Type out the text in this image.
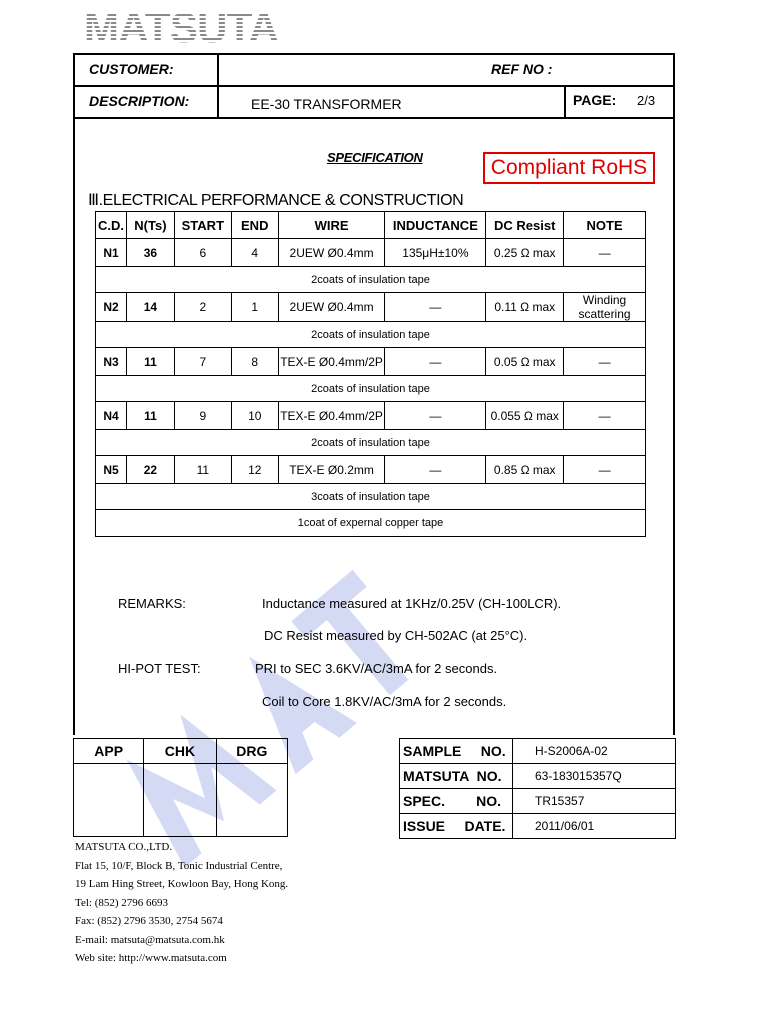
MATSUTA
CUSTOMER:	REF NO :
DESCRIPTION:	EE-30 TRANSFORMER	PAGE: 2/3
SPECIFICATION	Compliant RoHS
Ⅲ.ELECTRICAL PERFORMANCE & CONSTRUCTION
C.D.	N(Ts)	START	END	WIRE	INDUCTANCE	DC Resist	NOTE
N1	36	6	4	2UEW Ø0.4mm	135μH±10%	0.25 Ω max	—
2coats of insulation tape							
N2	14	2	1	2UEW Ø0.4mm	—	0.11 Ω max	Winding scattering
2coats of insulation tape							
N3	11	7	8	TEX-E Ø0.4mm/2P	—	0.05 Ω max	—
2coats of insulation tape							
N4	11	9	10	TEX-E Ø0.4mm/2P	—	0.055 Ω max	—
2coats of insulation tape							
N5	22	11	12	TEX-E Ø0.2mm	—	0.85 Ω max	—
3coats of insulation tape							
1coat of expernal copper tape							
REMARKS:	Inductance measured at 1KHz/0.25V (CH-100LCR).
DC Resist measured by CH-502AC (at 25°C).
HI-POT TEST:	PRI to SEC 3.6KV/AC/3mA for 2 seconds.
Coil to Core 1.8KV/AC/3mA for 2 seconds.
APP	CHK	DRG
			SAMPLE     NO.	H-S2006A-02
MATSUTA  NO.	63-183015357Q
SPEC.        NO.	TR15357
ISSUE     DATE.	2011/06/01
MATSUTA CO.,LTD.
Flat 15, 10/F, Block B, Tonic Industrial Centre,
19 Lam Hing Street, Kowloon Bay, Hong Kong.
Tel: (852) 2796 6693
Fax: (852) 2796 3530, 2754 5674
E-mail: matsuta@matsuta.com.hk
Web site: http://www.matsuta.com
